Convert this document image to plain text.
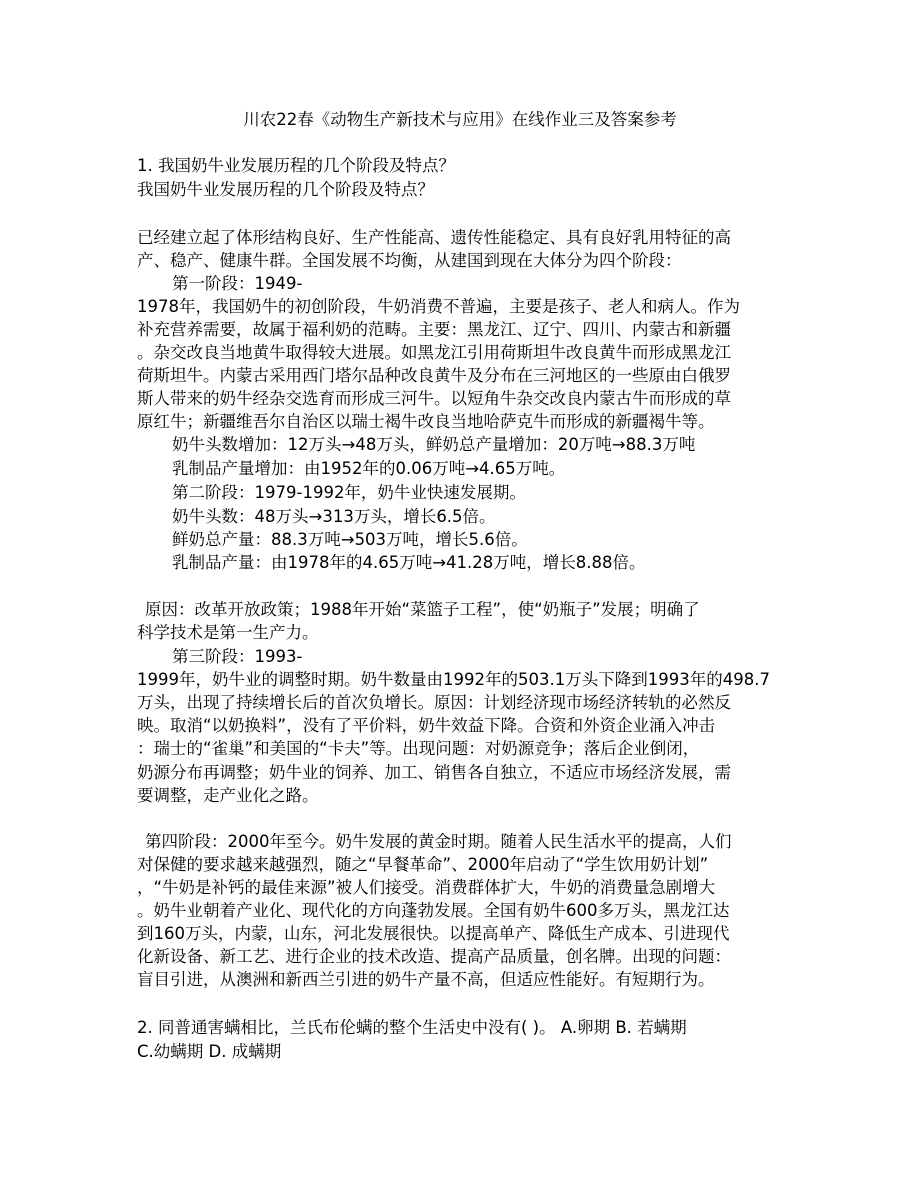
川农22春《动物生产新技术与应用》在线作业三及答案参考
1. 我国奶牛业发展历程的几个阶段及特点？
我国奶牛业发展历程的几个阶段及特点？
已经建立起了体形结构良好、生产性能高、遗传性能稳定、具有良好乳用特征的高
产、稳产、健康牛群。全国发展不均衡，从建国到现在大体分为四个阶段：
第一阶段：1949-
1978年，我国奶牛的初创阶段，牛奶消费不普遍，主要是孩子、老人和病人。作为
补充营养需要，故属于福利奶的范畴。主要：黑龙江、辽宁、四川、内蒙古和新疆
。杂交改良当地黄牛取得较大进展。如黑龙江引用荷斯坦牛改良黄牛而形成黑龙江
荷斯坦牛。内蒙古采用西门塔尔品种改良黄牛及分布在三河地区的一些原由白俄罗
斯人带来的奶牛经杂交选育而形成三河牛。以短角牛杂交改良内蒙古牛而形成的草
原红牛；新疆维吾尔自治区以瑞士褐牛改良当地哈萨克牛而形成的新疆褐牛等。
奶牛头数增加：12万头→48万头，鲜奶总产量增加：20万吨→88.3万吨
乳制品产量增加：由1952年的0.06万吨→4.65万吨。
第二阶段：1979-1992年，奶牛业快速发展期。
奶牛头数：48万头→313万头，增长6.5倍。
鲜奶总产量：88.3万吨→503万吨，增长5.6倍。
乳制品产量：由1978年的4.65万吨→41.28万吨，增长8.88倍。
原因：改革开放政策；1988年开始“菜篮子工程”，使“奶瓶子”发展；明确了
科学技术是第一生产力。
第三阶段：1993-
1999年，奶牛业的调整时期。奶牛数量由1992年的503.1万头下降到1993年的498.7
万头，出现了持续增长后的首次负增长。原因：计划经济现市场经济转轨的必然反
映。取消“以奶换料”，没有了平价料，奶牛效益下降。合资和外资企业涌入冲击
：瑞士的“雀巢”和美国的“卡夫”等。出现问题：对奶源竞争；落后企业倒闭，
奶源分布再调整；奶牛业的饲养、加工、销售各自独立，不适应市场经济发展，需
要调整，走产业化之路。
第四阶段：2000年至今。奶牛发展的黄金时期。随着人民生活水平的提高，人们
对保健的要求越来越强烈，随之“早餐革命”、2000年启动了“学生饮用奶计划”
，“牛奶是补钙的最佳来源”被人们接受。消费群体扩大，牛奶的消费量急剧增大
。奶牛业朝着产业化、现代化的方向蓬勃发展。全国有奶牛600多万头，黑龙江达
到160万头，内蒙，山东，河北发展很快。以提高单产、降低生产成本、引进现代
化新设备、新工艺、进行企业的技术改造、提高产品质量，创名牌。出现的问题：
盲目引进，从澳洲和新西兰引进的奶牛产量不高，但适应性能好。有短期行为。
2. 同普通害螨相比，兰氏布伦螨的整个生活史中没有( )。 A.卵期 B. 若螨期
C.幼螨期 D. 成螨期
